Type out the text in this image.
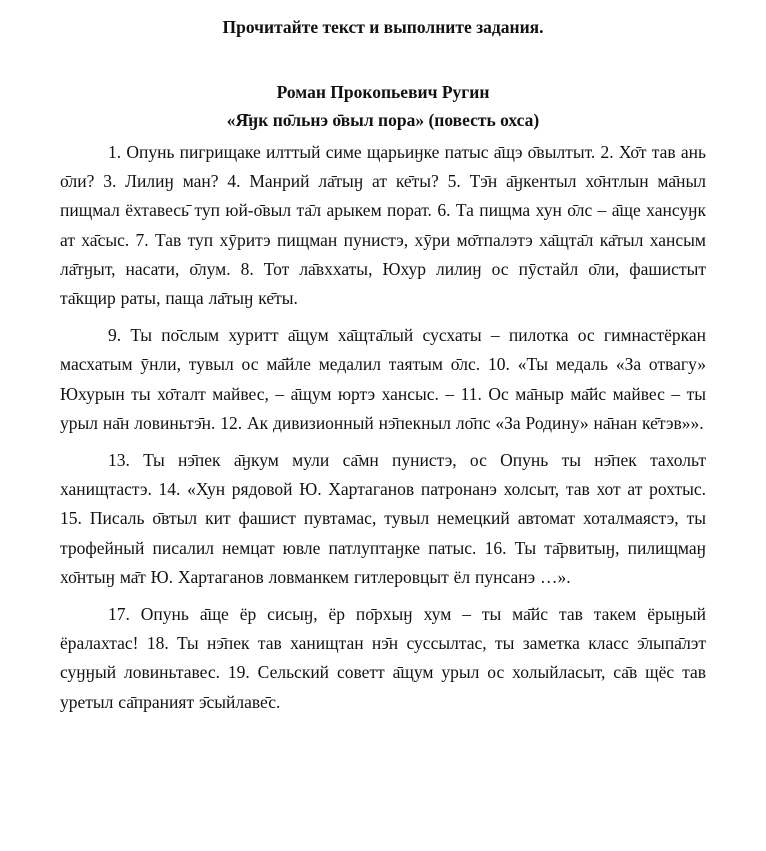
Прочитайте текст и выполните задания.

Роман Прокопьевич Ругин

«Я̄ӈк по̄льнэ о̄выл пора» (повесть охса)

1. Опунь пигрищаке илттый симе щарьиӈке патыс а̄щэ о̄вылтыт. 2. Хо̄т тав ань о̄ли? 3. Лилиӈ ман? 4. Манрий ла̄тыӈ ат ке̄ты? 5. Тэ̄н а̄ӈкентыл хо̄нтлын ма̄ныл пищмал ёхтавесь̄ туп юй-о̄выл та̄л арыкем порат. 6. Та пищма хун о̄лс – а̄ще хансуӈк ат ха̄сыс. 7. Тав туп хӯритэ пищман пунистэ, хӯри мо̄тпалэтэ ха̄щта̄л ка̄тыл хансым ла̄тӈыт, насати, о̄лум. 8. Тот ла̄вххаты, Юхур лилиӈ ос пӯстайл о̄ли, фашистыт та̄кщир раты, паща ла̄тыӈ ке̄ты.

9. Ты по̄слым хуритт а̄щум ха̄щта̄лый сусхаты – пилотка ос гимнастёркан масхатым ӯнли, тувыл ос ма̄йле медалил таятым о̄лс. 10. «Ты медаль «За отвагу» Юхурын ты хо̄талт майвес, – а̄щум юртэ хансыс. – 11. Ос ма̄ныр ма̄йс майвес – ты урыл на̄н ловиньтэ̄н. 12. Ак дивизионный нэ̄пекныл ло̄пс «За Родину» на̄нан ке̄тэв»».

13. Ты нэ̄пек а̄ӈкум мули са̄мн пунистэ, ос Опунь ты нэ̄пек тахольт ханищтастэ. 14. «Хун рядовой Ю. Хартаганов патронанэ холсыт, тав хот ат рохтыс. 15. Писаль о̄втыл кит фашист пувтамас, тувыл немецкий автомат хоталмаястэ, ты трофейный писалил немцат ювле патлуптаӈке патыс. 16. Ты та̄рвитыӈ, пилищмаӈ хо̄нтыӈ ма̄т Ю. Хартаганов ловманкем гитлеровцыт ёл пунсанэ …».

17. Опунь а̄ще ёр сисыӈ, ёр по̄рхыӈ хум – ты ма̄йс тав такем ёрыӈый ёралахтас! 18. Ты нэ̄пек тав ханищтан нэ̄н суссылтас, ты заметка класс э̄лыпа̄лэт суӈӈый ловиньтавес. 19. Сельский советт а̄щум урыл ос холыйласыт, са̄в щёс тав уретыл са̄праният э̄сыйлаве̄с.
